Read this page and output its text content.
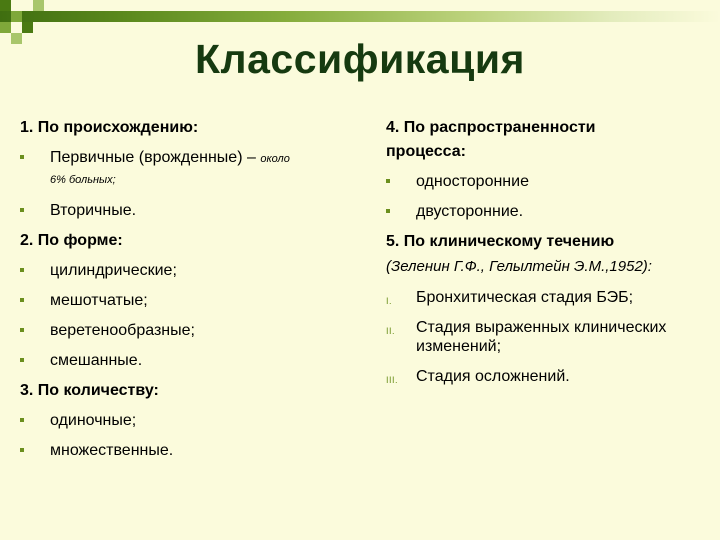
Классификация
1. По происхождению:
Первичные (врожденные) – около
6% больных;
Вторичные.
2. По форме:
цилиндрические;
мешотчатые;
веретенообразные;
смешанные.
3. По количеству:
одиночные;
множественные.
4. По распространенности
процесса:
односторонние
двусторонние.
5. По клиническому течению
(Зеленин Г.Ф., Гелылтейн Э.М.,1952):
I. Бронхитическая стадия БЭБ;
II. Стадия выраженных клинических изменений;
III. Стадия осложнений.
